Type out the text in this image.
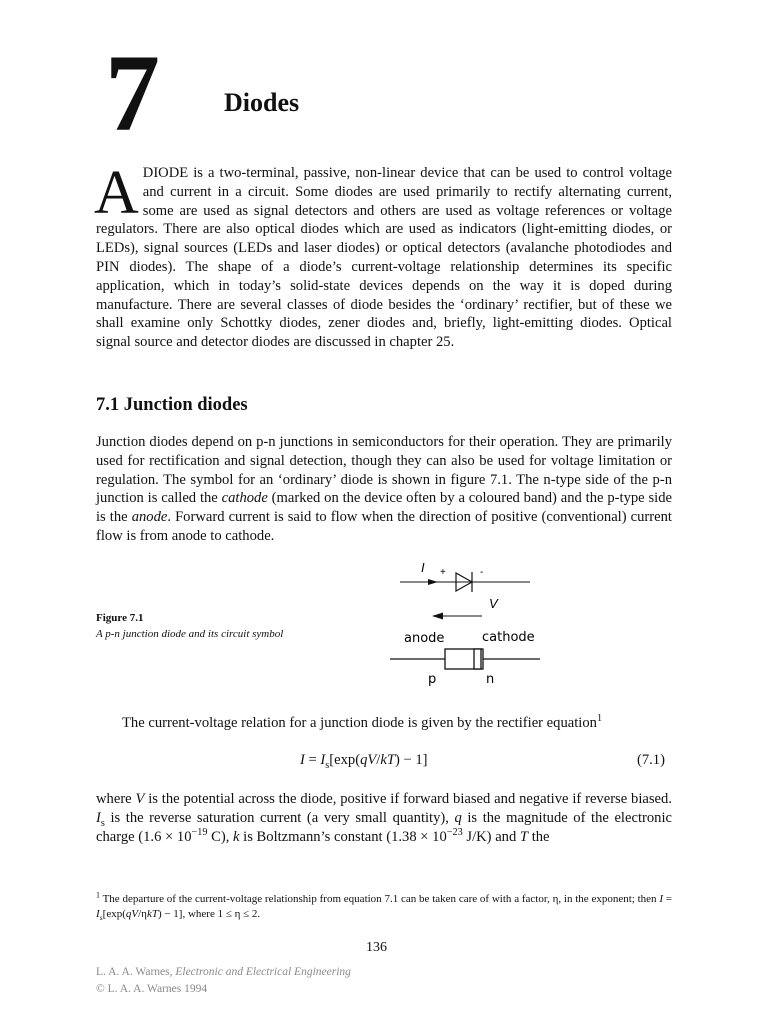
7	Diodes
A DIODE is a two-terminal, passive, non-linear device that can be used to control voltage and current in a circuit. Some diodes are used primarily to rectify alternating current, some are used as signal detectors and others are used as voltage references or voltage regulators. There are also optical diodes which are used as indicators (light-emitting diodes, or LEDs), signal sources (LEDs and laser diodes) or optical detectors (avalanche photodiodes and PIN diodes). The shape of a diode’s current-voltage relationship determines its specific application, which in today’s solid-state devices depends on the way it is doped during manufacture. There are several classes of diode besides the ‘ordinary’ rectifier, but of these we shall examine only Schottky diodes, zener diodes and, briefly, light-emitting diodes. Optical signal source and detector diodes are discussed in chapter 25.
7.1 Junction diodes
Junction diodes depend on p-n junctions in semiconductors for their operation. They are primarily used for rectification and signal detection, though they can also be used for voltage limitation or regulation. The symbol for an ‘ordinary’ diode is shown in figure 7.1. The n-type side of the p-n junction is called the cathode (marked on the device often by a coloured band) and the p-type side is the anode. Forward current is said to flow when the direction of positive (conventional) current flow is from anode to cathode.
Figure 7.1
A p-n junction diode and its circuit symbol
I +	-
V
anode	cathode
p	n
The current-voltage relation for a junction diode is given by the rectifier equation$^1$
$I = I_s[\exp(qV/kT) - 1]$	(7.1)
where V is the potential across the diode, positive if forward biased and negative if reverse biased. $I_s$ is the reverse saturation current (a very small quantity), q is the magnitude of the electronic charge ($1.6 \times 10^{-19}$ C), k is Boltzmann’s constant ($1.38 \times 10^{-23}$ J/K) and T the
$^1$ The departure of the current-voltage relationship from equation 7.1 can be taken care of with a factor, η, in the exponent; then $I = I_s[\exp(qV/\eta kT) - 1]$, where 1 ≤ η ≤ 2.
136
L. A. A. Warnes, Electronic and Electrical Engineering
© L. A. A. Warnes 1994
